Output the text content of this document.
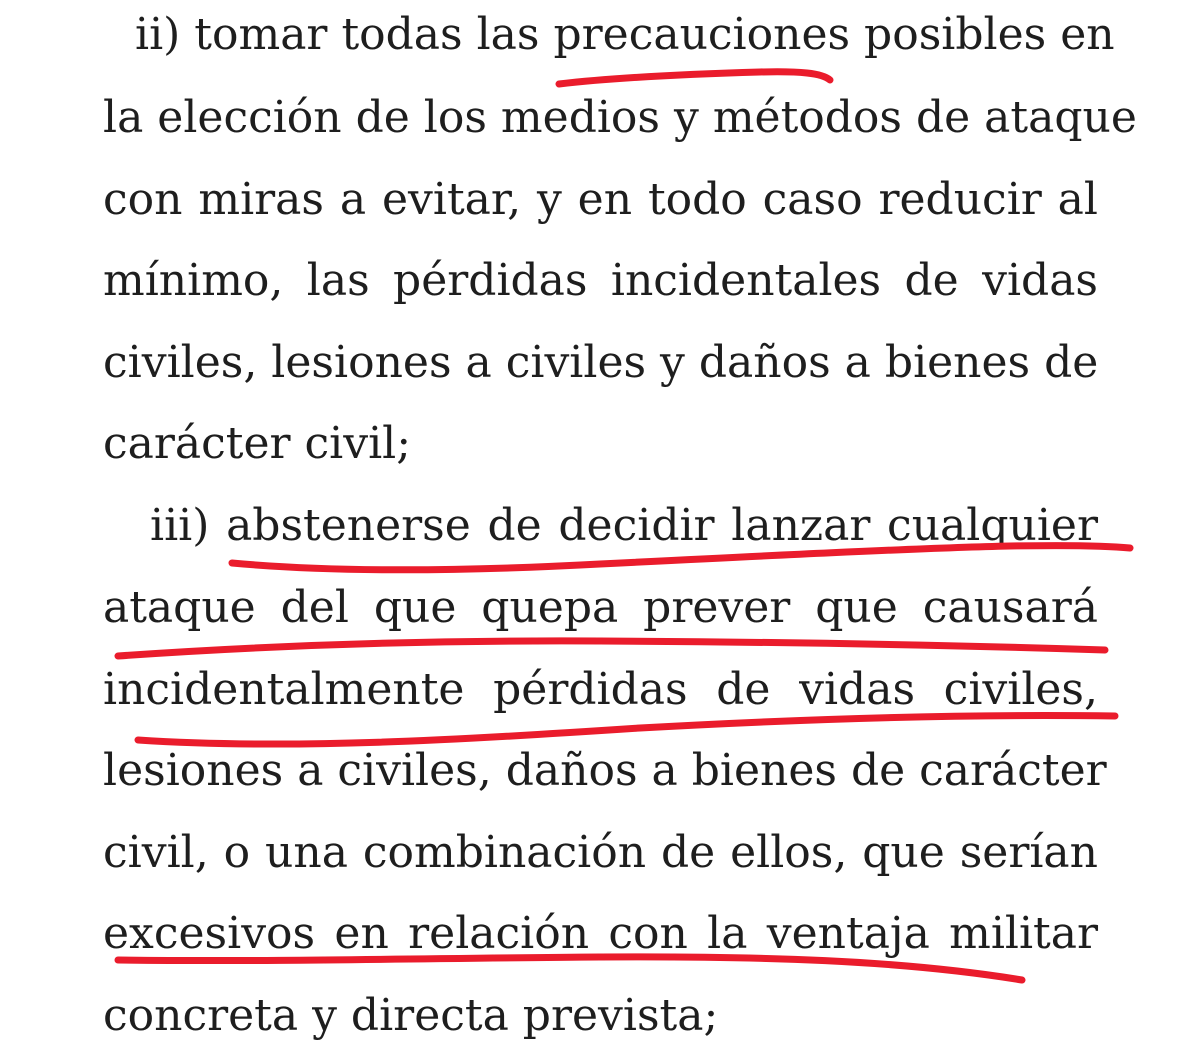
ii) tomar todas las precauciones posibles en
la elección de los medios y métodos de ataque
con miras a evitar, y en todo caso reducir al
mínimo, las pérdidas incidentales de vidas
civiles, lesiones a civiles y daños a bienes de
carácter civil;
iii) abstenerse de decidir lanzar cualquier
ataque del que quepa prever que causará
incidentalmente pérdidas de vidas civiles,
lesiones a civiles, daños a bienes de carácter
civil, o una combinación de ellos, que serían
excesivos en relación con la ventaja militar
concreta y directa prevista;
